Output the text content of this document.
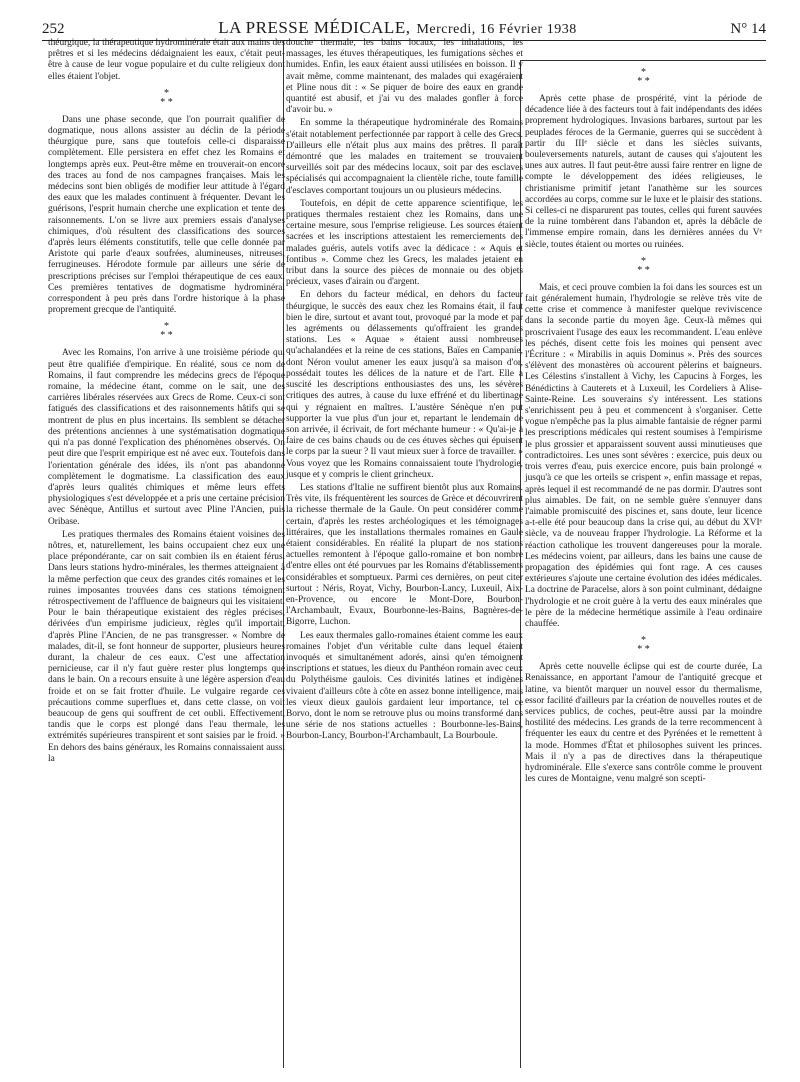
252	LA PRESSE MÉDICALE, Mercredi, 16 Février 1938	N° 14

théurgique, la thérapeutique hydrominérale était aux mains des prêtres et si les médecins dédaignaient les eaux, c'était peut-être à cause de leur vogue populaire et du culte religieux dont elles étaient l'objet.

*
* *

Dans une phase seconde, que l'on pourrait qualifier de dogmatique, nous allons assister au déclin de la période théurgique pure, sans que toutefois celle-ci disparaisse complètement. Elle persistera en effet chez les Romains et longtemps après eux. Peut-être même en trouverait-on encore des traces au fond de nos campagnes françaises. Mais les médecins sont bien obligés de modifier leur attitude à l'égard des eaux que les malades continuent à fréquenter. Devant les guérisons, l'esprit humain cherche une explication et tente des raisonnements. L'on se livre aux premiers essais d'analyses chimiques, d'où résultent des classifications des sources d'après leurs éléments constitutifs, telle que celle donnée par Aristote qui parle d'eaux soufrées, alumineuses, nitreuses, ferrugineuses. Hérodote formule par ailleurs une série de prescriptions précises sur l'emploi thérapeutique de ces eaux. Ces premières tentatives de dogmatisme hydrominéral correspondent à peu près dans l'ordre historique à la phase proprement grecque de l'antiquité.

*
* *

Avec les Romains, l'on arrive à une troisième période qui peut être qualifiée d'empirique. En réalité, sous ce nom de Romains, il faut comprendre les médecins grecs de l'époque romaine, la médecine étant, comme on le sait, une des carrières libérales réservées aux Grecs de Rome. Ceux-ci sont fatigués des classifications et des raisonnements hâtifs qui se montrent de plus en plus incertains. Ils semblent se détacher des prétentions anciennes à une systématisation dogmatique qui n'a pas donné l'explication des phénomènes observés. On peut dire que l'esprit empirique est né avec eux. Toutefois dans l'orientation générale des idées, ils n'ont pas abandonné complètement le dogmatisme. La classification des eaux d'après leurs qualités chimiques et même leurs effets physiologiques s'est développée et a pris une certaine précision avec Sénèque, Antillus et surtout avec Pline l'Ancien, puis Oribase.

Les pratiques thermales des Romains étaient voisines des nôtres, et, naturellement, les bains occupaient chez eux une place prépondérante, car on sait combien ils en étaient férus. Dans leurs stations hydro-minérales, les thermes atteignaient à la même perfection que ceux des grandes cités romaines et les ruines imposantes trouvées dans ces stations témoignent rétrospectivement de l'affluence de baigneurs qui les visitaient. Pour le bain thérapeutique existaient des règles précises, dérivées d'un empirisme judicieux, règles qu'il importait, d'après Pline l'Ancien, de ne pas transgresser. « Nombre de malades, dit-il, se font honneur de supporter, plusieurs heures durant, la chaleur de ces eaux. C'est une affectation pernicieuse, car il n'y faut guère rester plus longtemps que dans le bain. On a recours ensuite à une légère aspersion d'eau froide et on se fait frotter d'huile. Le vulgaire regarde ces précautions comme superflues et, dans cette classe, on voit beaucoup de gens qui souffrent de cet oubli. Effectivement, tandis que le corps est plongé dans l'eau thermale, les extrémités supérieures transpirent et sont saisies par le froid. » En dehors des bains généraux, les Romains connaissaient aussi la

douche thermale, les bains locaux, les inhalations, les massages, les étuves thérapeutiques, les fumigations sèches et humides. Enfin, les eaux étaient aussi utilisées en boisson. Il y avait même, comme maintenant, des malades qui exagéraient et Pline nous dit : « Se piquer de boire des eaux en grande quantité est abusif, et j'ai vu des malades gonfler à force d'avoir bu. »

En somme la thérapeutique hydrominérale des Romains s'était notablement perfectionnée par rapport à celle des Grecs. D'ailleurs elle n'était plus aux mains des prêtres. Il paraît démontré que les malades en traitement se trouvaient surveillés soit par des médecins locaux, soit par des esclaves spécialisés qui accompagnaient la clientèle riche, toute famille d'esclaves comportant toujours un ou plusieurs médecins.

Toutefois, en dépit de cette apparence scientifique, les pratiques thermales restaient chez les Romains, dans une certaine mesure, sous l'emprise religieuse. Les sources étaient sacrées et les inscriptions attestaient les remerciements des malades guéris, autels votifs avec la dédicace : « Aquis et fontibus ». Comme chez les Grecs, les malades jetaient en tribut dans la source des pièces de monnaie ou des objets précieux, vases d'airain ou d'argent.

En dehors du facteur médical, en dehors du facteur théurgique, le succès des eaux chez les Romains était, il faut bien le dire, surtout et avant tout, provoqué par la mode et par les agréments ou délassements qu'offraient les grandes stations. Les « Aquae » étaient aussi nombreuses qu'achalandées et la reine de ces stations, Baïes en Campanie, dont Néron voulut amener les eaux jusqu'à sa maison d'or, possédait toutes les délices de la nature et de l'art. Elle a suscité les descriptions enthousiastes des uns, les sévères critiques des autres, à cause du luxe effréné et du libertinage qui y régnaient en maîtres. L'austère Sénèque n'en put supporter la vue plus d'un jour et, repartant le lendemain de son arrivée, il écrivait, de fort méchante humeur : « Qu'ai-je à faire de ces bains chauds ou de ces étuves sèches qui épuisent le corps par la sueur ? Il vaut mieux suer à force de travailler. » Vous voyez que les Romains connaissaient toute l'hydrologie, jusque et y compris le client grincheux.

Les stations d'Italie ne suffirent bientôt plus aux Romains. Très vite, ils fréquentèrent les sources de Grèce et découvrirent la richesse thermale de la Gaule. On peut considérer comme certain, d'après les restes archéologiques et les témoignages littéraires, que les installations thermales romaines en Gaule étaient considérables. En réalité la plupart de nos stations actuelles remontent à l'époque gallo-romaine et bon nombre d'entre elles ont été pourvues par les Romains d'établissements considérables et somptueux. Parmi ces dernières, on peut citer surtout : Néris, Royat, Vichy, Bourbon-Lancy, Luxeuil, Aix-en-Provence, ou encore le Mont-Dore, Bourbon-l'Archambault, Evaux, Bourbonne-les-Bains, Bagnères-de-Bigorre, Luchon.

Les eaux thermales gallo-romaines étaient comme les eaux romaines l'objet d'un véritable culte dans lequel étaient invoqués et simultanément adorés, ainsi qu'en témoignent inscriptions et statues, les dieux du Panthéon romain avec ceux du Polythéisme gaulois. Ces divinités latines et indigènes vivaient d'ailleurs côte à côte en assez bonne intelligence, mais les vieux dieux gaulois gardaient leur importance, tel ce Borvo, dont le nom se retrouve plus ou moins transformé dans une série de nos stations actuelles : Bourbonne-les-Bains, Bourbon-Lancy, Bourbon-l'Archambault, La Bourboule.

*
* *

Après cette phase de prospérité, vint la période de décadence liée à des facteurs tout à fait indépendants des idées proprement hydrologiques. Invasions barbares, surtout par les peuplades féroces de la Germanie, guerres qui se succèdent à partir du IIIᵉ siècle et dans les siècles suivants, bouleversements naturels, autant de causes qui s'ajoutent les unes aux autres. Il faut peut-être aussi faire rentrer en ligne de compte le développement des idées religieuses, le christianisme primitif jetant l'anathème sur les sources accordées au corps, comme sur le luxe et le plaisir des stations. Si celles-ci ne disparurent pas toutes, celles qui furent sauvées de la ruine tombèrent dans l'abandon et, après la débâcle de l'immense empire romain, dans les dernières années du Vᵉ siècle, toutes étaient ou mortes ou ruinées.

*
* *

Mais, et ceci prouve combien la foi dans les sources est un fait généralement humain, l'hydrologie se relève très vite de cette crise et commence à manifester quelque reviviscence dans la seconde partie du moyen âge. Ceux-là mêmes qui proscrivaient l'usage des eaux les recommandent. L'eau enlève les péchés, disent cette fois les moines qui pensent avec l'Écriture : « Mirabilis in aquis Dominus ». Près des sources s'élèvent des monastères où accourent pèlerins et baigneurs. Les Célestins s'installent à Vichy, les Capucins à Forges, les Bénédictins à Cauterets et à Luxeuil, les Cordeliers à Alise-Sainte-Reine. Les souverains s'y intéressent. Les stations s'enrichissent peu à peu et commencent à s'organiser. Cette vogue n'empêche pas la plus aimable fantaisie de régner parmi les prescriptions médicales qui restent soumises à l'empirisme le plus grossier et apparaissent souvent aussi minutieuses que contradictoires. Les unes sont sévères : exercice, puis deux ou trois verres d'eau, puis exercice encore, puis bain prolongé « jusqu'à ce que les orteils se crispent », enfin massage et repas, après lequel il est recommandé de ne pas dormir. D'autres sont plus aimables. De fait, on ne semble guère s'ennuyer dans l'aimable promiscuité des piscines et, sans doute, leur licence a-t-elle été pour beaucoup dans la crise qui, au début du XVIᵉ siècle, va de nouveau frapper l'hydrologie. La Réforme et la réaction catholique les trouvent dangereuses pour la morale. Les médecins voient, par ailleurs, dans les bains une cause de propagation des épidémies qui font rage. A ces causes extérieures s'ajoute une certaine évolution des idées médicales. La doctrine de Paracelse, alors à son point culminant, dédaigne l'hydrologie et ne croit guère à la vertu des eaux minérales que le père de la médecine hermétique assimile à l'eau ordinaire chauffée.

*
* *

Après cette nouvelle éclipse qui est de courte durée, La Renaissance, en apportant l'amour de l'antiquité grecque et latine, va bientôt marquer un nouvel essor du thermalisme, essor facilité d'ailleurs par la création de nouvelles routes et de services publics, de coches, peut-être aussi par la moindre hostilité des médecins. Les grands de la terre recommencent à fréquenter les eaux du centre et des Pyrénées et le remettent à la mode. Hommes d'État et philosophes suivent les princes. Mais il n'y a pas de directives dans la thérapeutique hydrominérale. Elle s'exerce sans contrôle comme le prouvent les cures de Montaigne, venu malgré son scepti-
